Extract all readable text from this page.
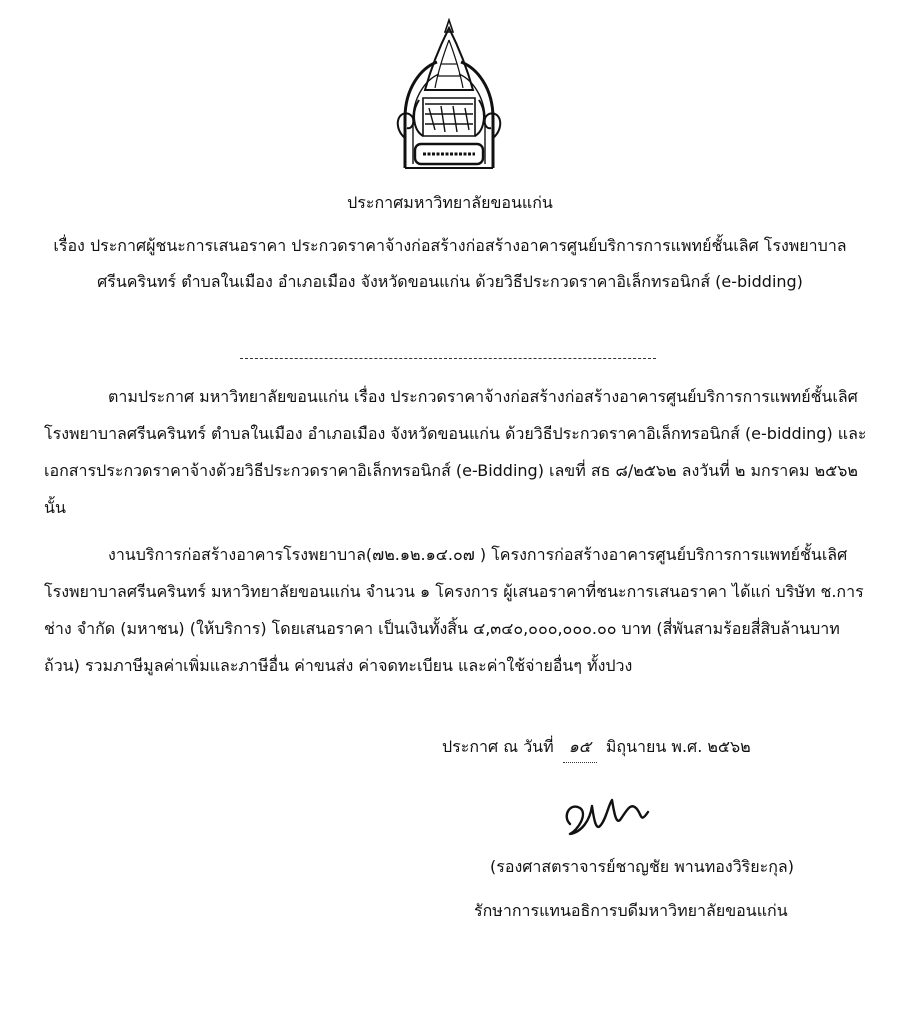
ประกาศมหาวิทยาลัยขอนแก่น
เรื่อง ประกาศผู้ชนะการเสนอราคา ประกวดราคาจ้างก่อสร้างก่อสร้างอาคารศูนย์บริการการแพทย์ชั้นเลิศ โรงพยาบาลศรีนครินทร์ ตำบลในเมือง อำเภอเมือง จังหวัดขอนแก่น ด้วยวิธีประกวดราคาอิเล็กทรอนิกส์ (e-bidding)
ตามประกาศ มหาวิทยาลัยขอนแก่น เรื่อง ประกวดราคาจ้างก่อสร้างก่อสร้างอาคารศูนย์บริการการแพทย์ชั้นเลิศ โรงพยาบาลศรีนครินทร์ ตำบลในเมือง อำเภอเมือง จังหวัดขอนแก่น ด้วยวิธีประกวดราคาอิเล็กทรอนิกส์ (e-bidding) และเอกสารประกวดราคาจ้างด้วยวิธีประกวดราคาอิเล็กทรอนิกส์ (e-Bidding) เลขที่ สธ ๘/๒๕๖๒ ลงวันที่ ๒ มกราคม ๒๕๖๒ นั้น
งานบริการก่อสร้างอาคารโรงพยาบาล(๗๒.๑๒.๑๔.๐๗ ) โครงการก่อสร้างอาคารศูนย์บริการการแพทย์ชั้นเลิศ โรงพยาบาลศรีนครินทร์ มหาวิทยาลัยขอนแก่น จำนวน ๑ โครงการ ผู้เสนอราคาที่ชนะการเสนอราคา ได้แก่ บริษัท ช.การช่าง จำกัด (มหาชน) (ให้บริการ) โดยเสนอราคา เป็นเงินทั้งสิ้น ๔,๓๔๐,๐๐๐,๐๐๐.๐๐ บาท (สี่พันสามร้อยสี่สิบล้านบาทถ้วน) รวมภาษีมูลค่าเพิ่มและภาษีอื่น ค่าขนส่ง ค่าจดทะเบียน และค่าใช้จ่ายอื่นๆ ทั้งปวง
ประกาศ ณ วันที่ ๑๕ มิถุนายน พ.ศ. ๒๕๖๒
(รองศาสตราจารย์ชาญชัย พานทองวิริยะกุล)
รักษาการแทนอธิการบดีมหาวิทยาลัยขอนแก่น
